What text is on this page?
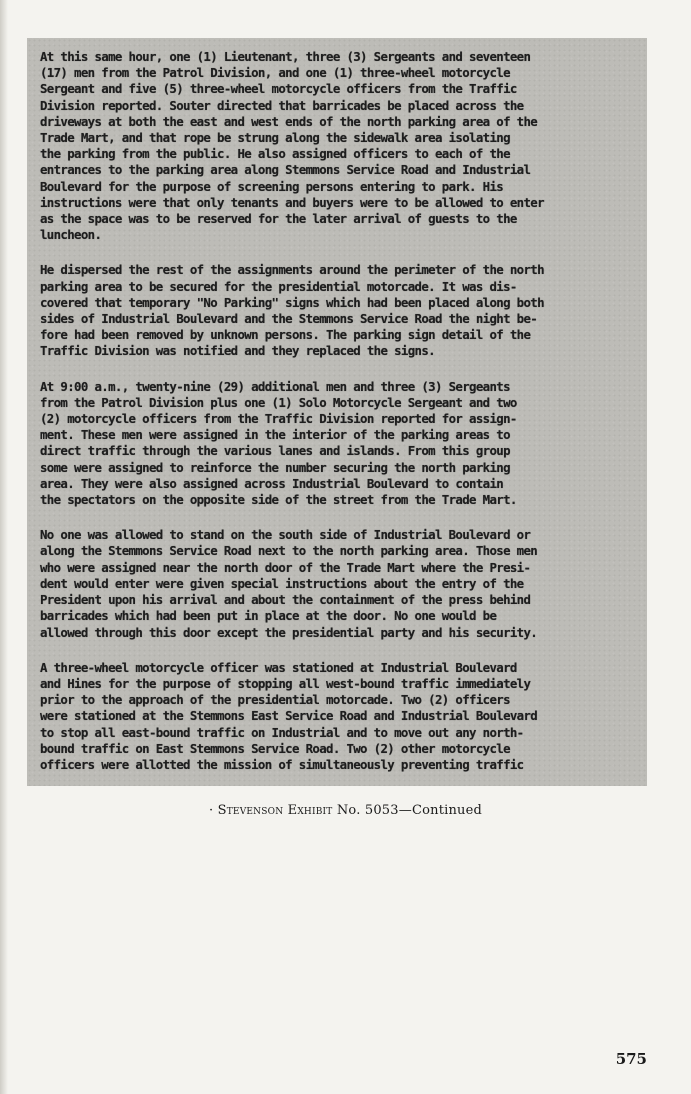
At this same hour, one (1) Lieutenant, three (3) Sergeants and seventeen
(17) men from the Patrol Division, and one (1) three-wheel motorcycle
Sergeant and five (5) three-wheel motorcycle officers from the Traffic
Division reported. Souter directed that barricades be placed across the
driveways at both the east and west ends of the north parking area of the
Trade Mart, and that rope be strung along the sidewalk area isolating
the parking from the public. He also assigned officers to each of the
entrances to the parking area along Stemmons Service Road and Industrial
Boulevard for the purpose of screening persons entering to park. His
instructions were that only tenants and buyers were to be allowed to enter
as the space was to be reserved for the later arrival of guests to the
luncheon.

He dispersed the rest of the assignments around the perimeter of the north
parking area to be secured for the presidential motorcade. It was dis-
covered that temporary "No Parking" signs which had been placed along both
sides of Industrial Boulevard and the Stemmons Service Road the night be-
fore had been removed by unknown persons. The parking sign detail of the
Traffic Division was notified and they replaced the signs.

At 9:00 a.m., twenty-nine (29) additional men and three (3) Sergeants
from the Patrol Division plus one (1) Solo Motorcycle Sergeant and two
(2) motorcycle officers from the Traffic Division reported for assign-
ment. These men were assigned in the interior of the parking areas to
direct traffic through the various lanes and islands. From this group
some were assigned to reinforce the number securing the north parking
area. They were also assigned across Industrial Boulevard to contain
the spectators on the opposite side of the street from the Trade Mart.

No one was allowed to stand on the south side of Industrial Boulevard or
along the Stemmons Service Road next to the north parking area. Those men
who were assigned near the north door of the Trade Mart where the Presi-
dent would enter were given special instructions about the entry of the
President upon his arrival and about the containment of the press behind
barricades which had been put in place at the door. No one would be
allowed through this door except the presidential party and his security.

A three-wheel motorcycle officer was stationed at Industrial Boulevard
and Hines for the purpose of stopping all west-bound traffic immediately
prior to the approach of the presidential motorcade. Two (2) officers
were stationed at the Stemmons East Service Road and Industrial Boulevard
to stop all east-bound traffic on Industrial and to move out any north-
bound traffic on East Stemmons Service Road. Two (2) other motorcycle
officers were allotted the mission of simultaneously preventing traffic

· Stevenson Exhibit No. 5053—Continued
575
